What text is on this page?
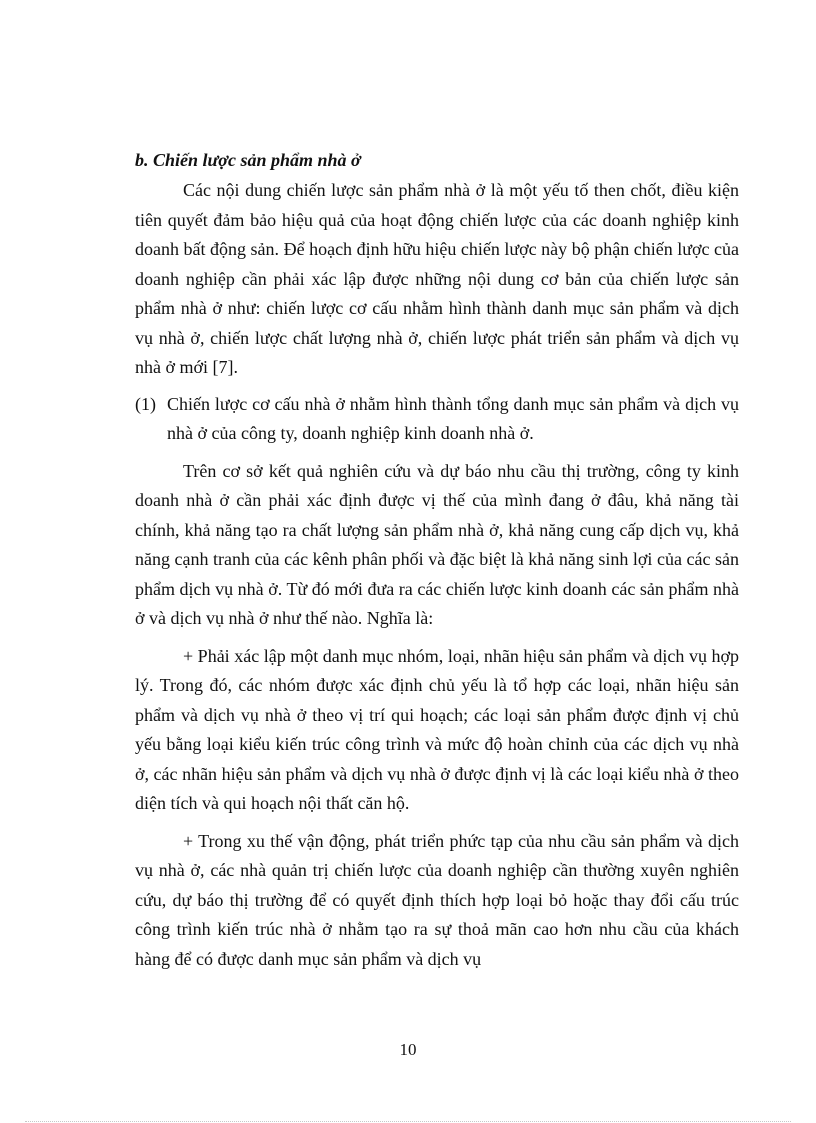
b. Chiến lược sản phẩm nhà ở

Các nội dung chiến lược sản phẩm nhà ở là một yếu tố then chốt, điều kiện tiên quyết đảm bảo hiệu quả của hoạt động chiến lược của các doanh nghiệp kinh doanh bất động sản. Để hoạch định hữu hiệu chiến lược này bộ phận chiến lược của doanh nghiệp cần phải xác lập được những nội dung cơ bản của chiến lược sản phẩm nhà ở như: chiến lược cơ cấu nhằm hình thành danh mục sản phẩm và dịch vụ nhà ở, chiến lược chất lượng nhà ở, chiến lược phát triển sản phẩm và dịch vụ nhà ở mới [7].

(1) Chiến lược cơ cấu nhà ở nhằm hình thành tổng danh mục sản phẩm và dịch vụ nhà ở của công ty, doanh nghiệp kinh doanh nhà ở.

Trên cơ sở kết quả nghiên cứu và dự báo nhu cầu thị trường, công ty kinh doanh nhà ở cần phải xác định được vị thế của mình đang ở đâu, khả năng tài chính, khả năng tạo ra chất lượng sản phẩm nhà ở, khả năng cung cấp dịch vụ, khả năng cạnh tranh của các kênh phân phối và đặc biệt là khả năng sinh lợi của các sản phẩm dịch vụ nhà ở. Từ đó mới đưa ra các chiến lược kinh doanh các sản phẩm nhà ở và dịch vụ nhà ở như thế nào. Nghĩa là:

+ Phải xác lập một danh mục nhóm, loại, nhãn hiệu sản phẩm và dịch vụ hợp lý. Trong đó, các nhóm được xác định chủ yếu là tổ hợp các loại, nhãn hiệu sản phẩm và dịch vụ nhà ở theo vị trí qui hoạch; các loại sản phẩm được định vị chủ yếu bằng loại kiểu kiến trúc công trình và mức độ hoàn chỉnh của các dịch vụ nhà ở, các nhãn hiệu sản phẩm và dịch vụ nhà ở được định vị là các loại kiểu nhà ở theo diện tích và qui hoạch nội thất căn hộ.

+ Trong xu thế vận động, phát triển phức tạp của nhu cầu sản phẩm và dịch vụ nhà ở, các nhà quản trị chiến lược của doanh nghiệp cần thường xuyên nghiên cứu, dự báo thị trường để có quyết định thích hợp loại bỏ hoặc thay đổi cấu trúc công trình kiến trúc nhà ở nhằm tạo ra sự thoả mãn cao hơn nhu cầu của khách hàng để có được danh mục sản phẩm và dịch vụ

10
